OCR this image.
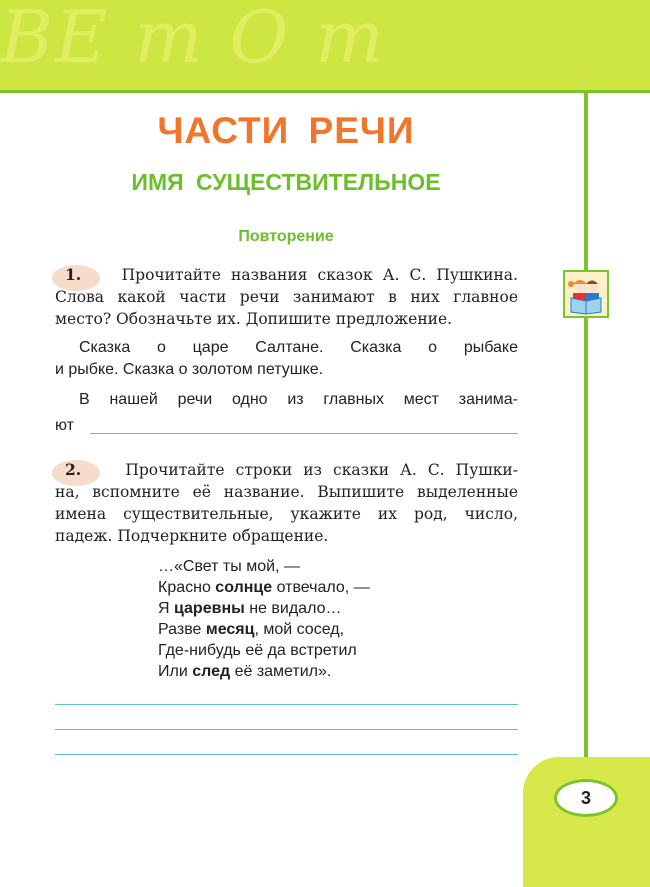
ВЕ m О m
3
ЧАСТИ РЕЧИ
ИМЯ СУЩЕСТВИТЕЛЬНОЕ
Повторение
1.	Прочитайте названия сказок А. С. Пушкина.
Слова какой части речи занимают в них главное
место? Обозначьте их. Допишите предложение.
Сказка о царе Салтане. Сказка о рыбаке
и рыбке. Сказка о золотом петушке.
В нашей речи одно из главных мест занима-
ют
2.	Прочитайте строки из сказки А. С. Пушки-
на, вспомните её название. Выпишите выделенные
имена существительные, укажите их род, число,
падеж. Подчеркните обращение.
…«Свет ты мой, —
Красно солнце отвечало, —
Я царевны не видало…
Разве месяц, мой сосед,
Где-нибудь её да встретил
Или след её заметил».
